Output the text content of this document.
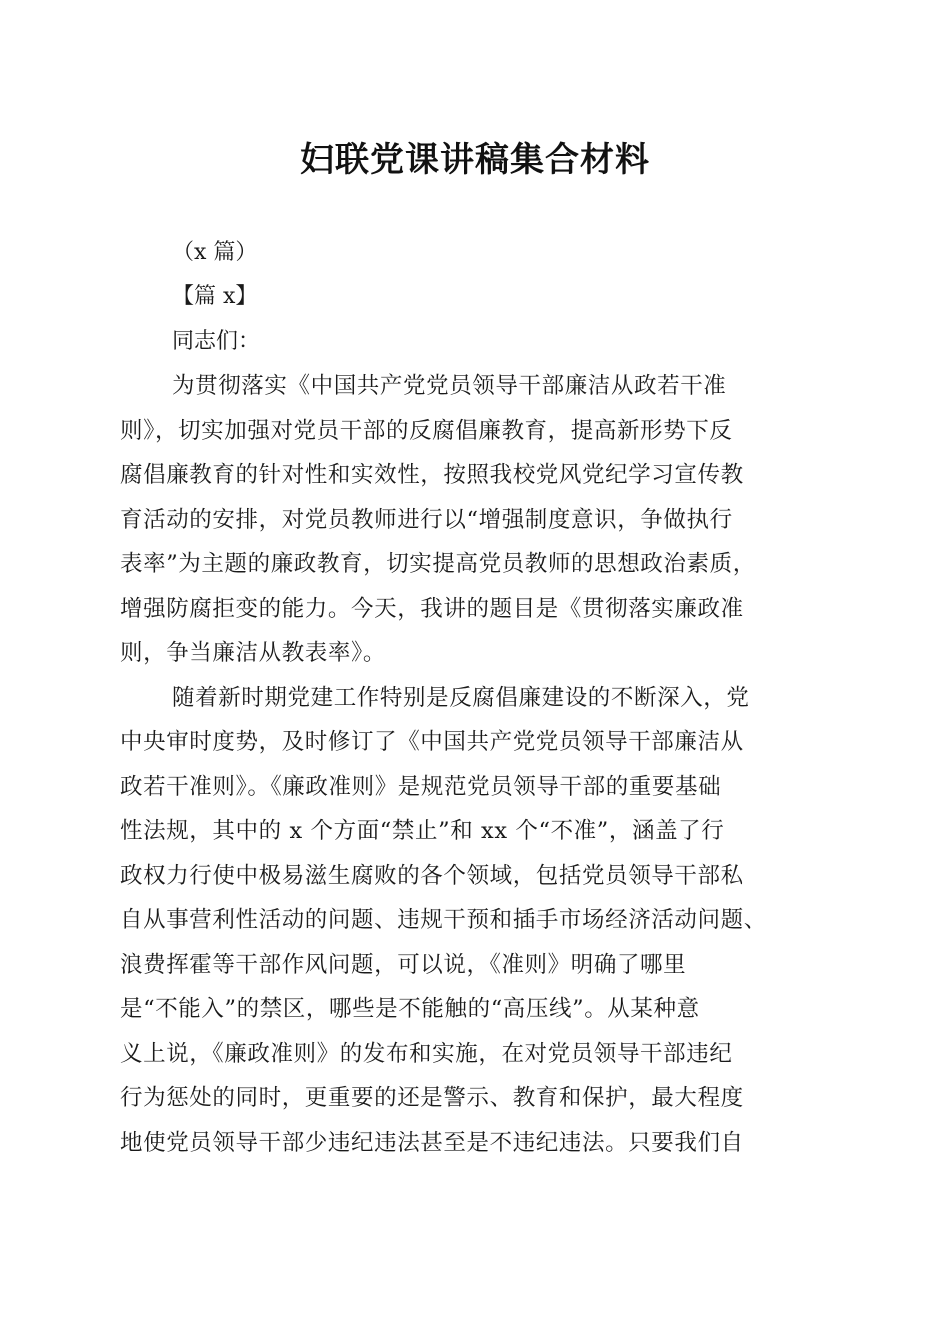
妇联党课讲稿集合材料
（x 篇）
【篇 x】
同志们：
为贯彻落实《中国共产党党员领导干部廉洁从政若干准
则》，切实加强对党员干部的反腐倡廉教育，提高新形势下反
腐倡廉教育的针对性和实效性，按照我校党风党纪学习宣传教
育活动的安排，对党员教师进行以“增强制度意识，争做执行
表率”为主题的廉政教育，切实提高党员教师的思想政治素质，
增强防腐拒变的能力。今天，我讲的题目是《贯彻落实廉政准
则，争当廉洁从教表率》。
随着新时期党建工作特别是反腐倡廉建设的不断深入，党
中央审时度势，及时修订了《中国共产党党员领导干部廉洁从
政若干准则》。《廉政准则》是规范党员领导干部的重要基础
性法规，其中的 x 个方面“禁止”和 xx 个“不准”，涵盖了行
政权力行使中极易滋生腐败的各个领域，包括党员领导干部私
自从事营利性活动的问题、违规干预和插手市场经济活动问题、
浪费挥霍等干部作风问题，可以说，《准则》明确了哪里
是“不能入”的禁区，哪些是不能触的“高压线”。从某种意
义上说，《廉政准则》的发布和实施，在对党员领导干部违纪
行为惩处的同时，更重要的还是警示、教育和保护，最大程度
地使党员领导干部少违纪违法甚至是不违纪违法。只要我们自
